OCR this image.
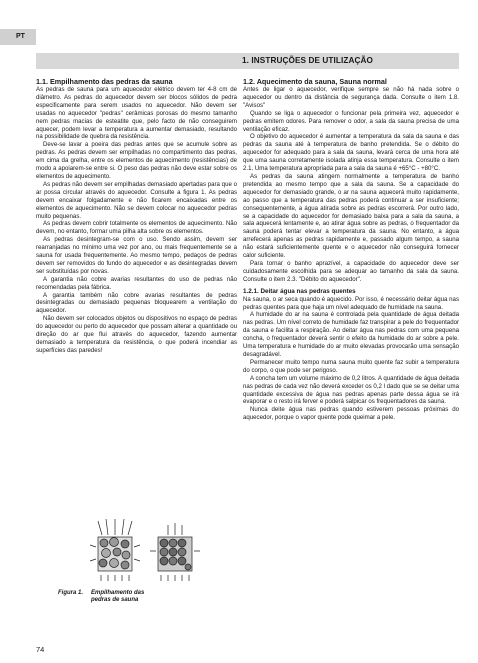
PT
1. INSTRUÇÕES DE UTILIZAÇÃO
1.1. Empilhamento das pedras da sauna

As pedras de sauna para um aquecedor elétrico devem ter 4-8 cm de diâmetro. As pedras do aquecedor devem ser blocos sólidos de pedra especificamente para serem usados no aquecedor. Não devem ser usadas no aquecedor "pedras" cerâmicas porosas do mesmo tamanho nem pedras macias de esteatite que, pelo facto de não conseguirem aquecer, podem levar a temperatura a aumentar demasiado, resultando na possibilidade de quebra da resistência.

Deve-se lavar a poeira das pedras antes que se acumule sobre as pedras. As pedras devem ser empilhadas no compartimento das pedras, em cima da grelha, entre os elementos de aquecimento (resistências) de modo a apoiarem-se entre si. O peso das pedras não deve estar sobre os elementos de aquecimento.

As pedras não devem ser empilhadas demasiado apertadas para que o ar possa circular através do aquecedor. Consulte a figura 1. As pedras devem encaixar folgadamente e não ficarem encaixadas entre os elementos de aquecimento. Não se devem colocar no aquecedor pedras muito pequenas.

As pedras devem cobrir totalmente os elementos de aquecimento. Não devem, no entanto, formar uma pilha alta sobre os elementos.

As pedras desintegram-se com o uso. Sendo assim, devem ser rearranjadas no mínimo uma vez por ano, ou mais frequentemente se a sauna for usada frequentemente. Ao mesmo tempo, pedaços de pedras devem ser removidos do fundo do aquecedor e as desintegradas devem ser substituídas por novas.

A garantia não cobre avarias resultantes do uso de pedras não recomendadas pela fábrica.

A garantia também não cobre avarias resultantes de pedras desintegradas ou demasiado pequenas bloquearem a ventilação do aquecedor.

Não devem ser colocados objetos ou dispositivos no espaço de pedras do aquecedor ou perto do aquecedor que possam alterar a quantidade ou direção do ar que flui através do aquecedor, fazendo aumentar demasiado a temperatura da resistência, o que poderá incendiar as superfícies das paredes!

Figura 1. Empilhamento das pedras de sauna
1.2. Aquecimento da sauna, Sauna normal

Antes de ligar o aquecedor, verifique sempre se não há nada sobre o aquecedor ou dentro da distância de segurança dada. Consulte o item 1.8. "Avisos"

Quando se liga o aquecedor o funcionar pela primeira vez, aquecedor e pedras emitem odores. Para remover o odor, a sala da sauna precisa de uma ventilação eficaz.

O objetivo do aquecedor é aumentar a temperatura da sala da sauna e das pedras da sauna até à temperatura de banho pretendida. Se o débito do aquecedor for adequado para a sala da sauna, levará cerca de uma hora até que uma sauna corretamente isolada atinja essa temperatura. Consulte o item 2.1. Uma temperatura apropriada para a sala da sauna é +65°C - +80°C.

As pedras da sauna atingem normalmente a temperatura de banho pretendida ao mesmo tempo que a sala da sauna. Se a capacidade do aquecedor for demasiado grande, o ar na sauna aquecerá muito rapidamente, ao passo que a temperatura das pedras poderá continuar a ser insuficiente; consequentemente, a água atirada sobre as pedras escorrerá. Por outro lado, se a capacidade do aquecedor for demasiado baixa para a sala da sauna, a sala aquecerá lentamente e, ao atirar água sobre as pedras, o frequentador da sauna poderá tentar elevar a temperatura da sauna. No entanto, a água arrefecerá apenas as pedras rapidamente e, passado algum tempo, a sauna não estará suficientemente quente e o aquecedor não conseguirá fornecer calor suficiente.

Para tornar o banho aprazível, a capacidade do aquecedor deve ser cuidadosamente escolhida para se adequar ao tamanho da sala da sauna. Consulte o item 2.3. "Débito do aquecedor".

1.2.1. Deitar água nas pedras quentes

Na sauna, o ar seca quando é aquecido. Por isso, é necessário deitar água nas pedras quentes para que haja um nível adequado de humidade na sauna.

A humidade do ar na sauna é controlada pela quantidade de água deitada nas pedras. Um nível correto de humidade faz transpirar a pele do frequentador da sauna e facilita a respiração. Ao deitar água nas pedras com uma pequena concha, o frequentador deverá sentir o efeito da humidade do ar sobre a pele. Uma temperatura e humidade do ar muito elevadas provocarão uma sensação desagradável.

Permanecer muito tempo numa sauna muito quente faz subir a temperatura do corpo, o que pode ser perigoso.

A concha tem um volume máximo de 0,2 litros. A quantidade de água deitada nas pedras de cada vez não deverá exceder os 0,2 l dado que se se deitar uma quantidade excessiva de água nas pedras apenas parte dessa água se irá evaporar e o resto irá ferver e poderá salpicar os frequentadores da sauna.

Nunca deite água nas pedras quando estiverem pessoas próximas do aquecedor, porque o vapor quente pode queimar a pele.

74
